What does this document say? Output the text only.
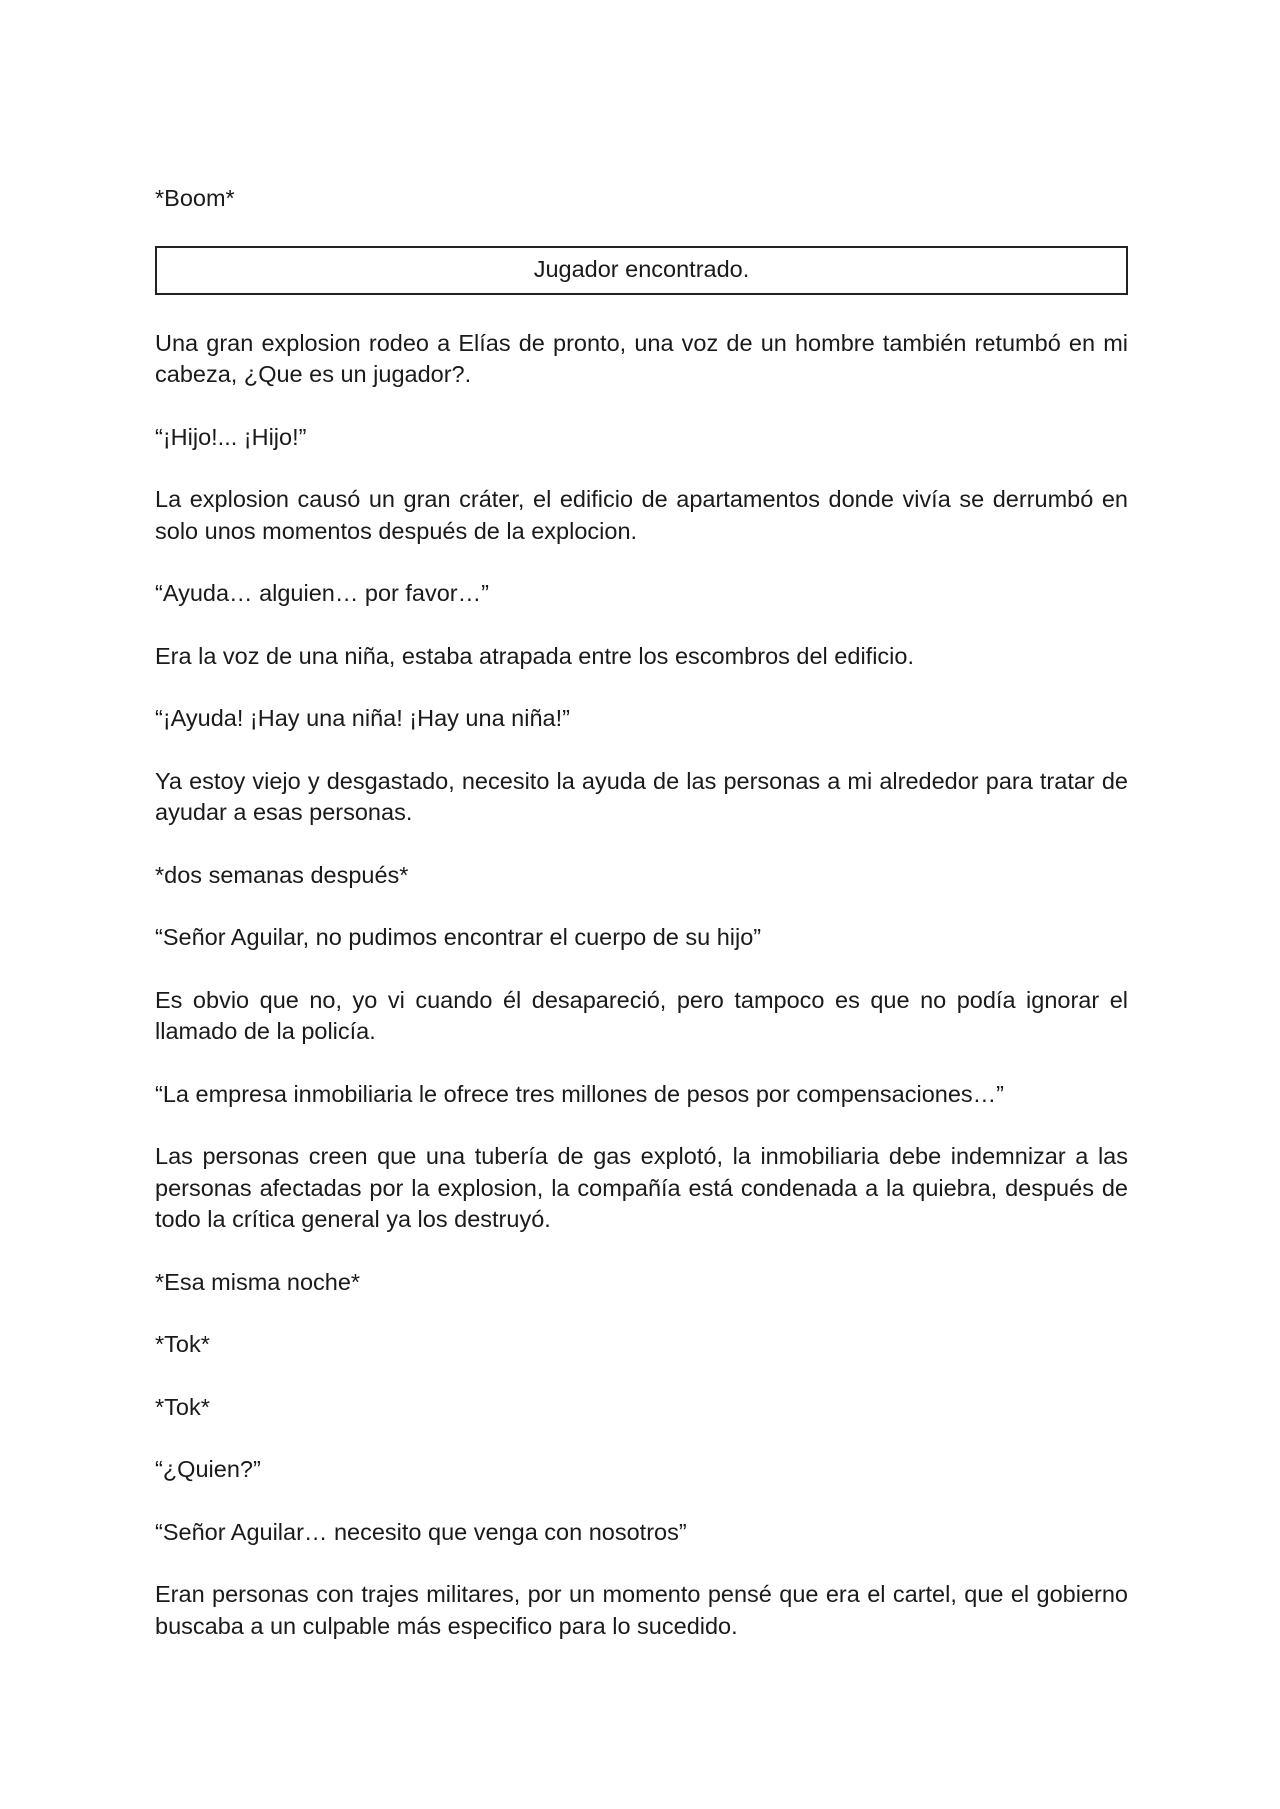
*Boom*

Jugador encontrado.

Una gran explosion rodeo a Elías de pronto, una voz de un hombre también retumbó en mi cabeza, ¿Que es un jugador?.

“¡Hijo!... ¡Hijo!”

La explosion causó un gran cráter, el edificio de apartamentos donde vivía se derrumbó en solo unos momentos después de la explocion.

“Ayuda… alguien… por favor…”

Era la voz de una niña, estaba atrapada entre los escombros del edificio.

“¡Ayuda! ¡Hay una niña! ¡Hay una niña!”

Ya estoy viejo y desgastado, necesito la ayuda de las personas a mi alrededor para tratar de ayudar a esas personas.

*dos semanas después*

“Señor Aguilar, no pudimos encontrar el cuerpo de su hijo”

Es obvio que no, yo vi cuando él desapareció, pero tampoco es que no podía ignorar el llamado de la policía.

“La empresa inmobiliaria le ofrece tres millones de pesos por compensaciones…”

Las personas creen que una tubería de gas explotó, la inmobiliaria debe indemnizar a las personas afectadas por la explosion, la compañía está condenada a la quiebra, después de todo la crítica general ya los destruyó.

*Esa misma noche*

*Tok*

*Tok*

“¿Quien?”

“Señor Aguilar… necesito que venga con nosotros”

Eran personas con trajes militares, por un momento pensé que era el cartel, que el gobierno buscaba a un culpable más especifico para lo sucedido.
